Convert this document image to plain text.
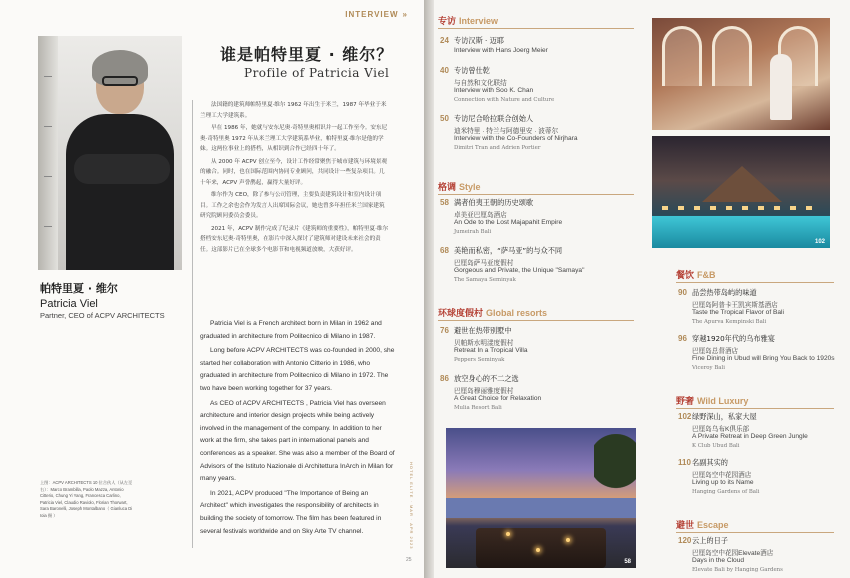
INTERVIEW »
谁是帕特里夏 · 维尔？
Profile of Patricia Viel

法国籍的建筑师帕特里夏·维尔 1962 年出生于米兰，1987 年毕业于米兰理工大学建筑系。

早在 1986 年，她就与安东尼奥·奇特里奥相识并一起工作至今。安东尼奥·奇特里奥 1972 年从米兰理工大学建筑系毕业，帕特里夏·维尔是他的学妹。这两位事业上的搭档，从相识到合作已经四十年了。

从 2000 年 ACPV 创立至今，设计工作经常聚焦于城市建筑与环境景观的融合。同时，也在国际范围内协同专业顾问，共同设计一些复杂项目。几十年来，ACPV 声誉鹊起，赢得大量好评。

维尔作为 CEO，除了参与公司管理，主要负责建筑设计和室内设计项目。工作之余也会作为发言人出席国际会议，她也曾多年担任米兰国家建筑研究院顾问委员会委员。

2021 年，ACPV 制作完成了纪录片《建筑师的重要性》，帕特里夏·维尔搭档安东尼奥·奇特里奥，在影片中深入探讨了建筑师对建设未来社会的责任。这部影片已在全球多个电影节和电视频道放映，大获好评。

帕特里夏 · 维尔
Patricia Viel
Partner, CEO of ACPV ARCHITECTS

Patricia Viel is a French architect born in Milan in 1962 and graduated in architecture from Politecnico di Milano in 1987.

Long before ACPV ARCHITECTS was co-founded in 2000, she started her collaboration with Antonio Citterio in 1986, who graduated in architecture from Politecnico di Milano in 1972. The two have been working together for 37 years.

As CEO of ACPV ARCHITECTS , Patricia Viel has overseen architecture and interior design projects while being actively involved in the management of the company. In addition to her work at the firm, she takes part in international panels and conferences as a speaker. She was also a member of the Board of Advisors of the Istituto Nazionale di Architettura InArch in Milan for many years.

In 2021, ACPV produced "The Importance of Being an Architect" which investigates the responsibility of architects in building the society of tomorrow. The film has been featured in several festivals worldwide and on Sky Arte TV channel.

上图：ACPV ARCHITECTS 10 位合伙人（从左至右）：Marco Brambilla, Paolo Mazza, Antonio Citterio, Chung Yi Yang, Francesca Carlino, Patricia Viel, Claudio Raviolo, Florian Thorwart, Sara Baronelli, Joseph Montalbano（ Gianluca Di Ioia 摄 ）	HOTEL ELITE · MAR · APR 2023
25
专访 Interview
24 专访汉斯 · 迈耶
Interview with Hans Joerg Meier
40 专访曾仕乾
与自然和文化联结
Interview with Soo K. Chan
Connection with Nature and Culture
50 专访尼合哈拉联合创始人
迪米特里 · 特兰与阿德里安 · 波蒂尔
Interview with the Co-Founders of Nirjhara
Dimitri Tran and Adrien Portier
格调 Style
58 满者伯夷王朝的历史颂歌
卓美亚巴厘岛酒店
An Ode to the Lost Majapahit Empire
Jumeirah Bali
68 美艳而私密，“萨马亚”的与众不同
巴厘岛萨马亚度假村
Gorgeous and Private, the Unique "Samaya"
The Samaya Seminyak
环球度假村 Global resorts
76 避世在热带别墅中
贝帕斯水明漾度假村
Retreat In a Tropical Villa
Peppers Seminyak
86 放空身心的不二之选
巴厘岛穆丽雅度假村
A Great Choice for Relaxation
Mulia Resort Bali
102
58
餐饮 F&B
90 品尝热带岛屿的味道
巴厘岛阿普卡王凯宾斯基酒店
Taste the Tropical Flavor of Bali
The Apurva Kempinski Bali
96 穿越1920年代的乌布雅宴
巴厘岛总督酒店
Fine Dining in Ubud will Bring You Back to 1920s
Viceroy Bali
野奢 Wild Luxury
102 绿野深山，私家大屋
巴厘岛乌布K俱乐部
A Private Retreat in Deep Green Jungle
K Club Ubud Bali
110 名副其实的
巴厘岛空中花园酒店
Living up to its Name
Hanging Gardens of Bali
避世 Escape
120 云上的日子
巴厘岛空中花园Elevate酒店
Days in the Cloud
Elevate Bali by Hanging Gardens
